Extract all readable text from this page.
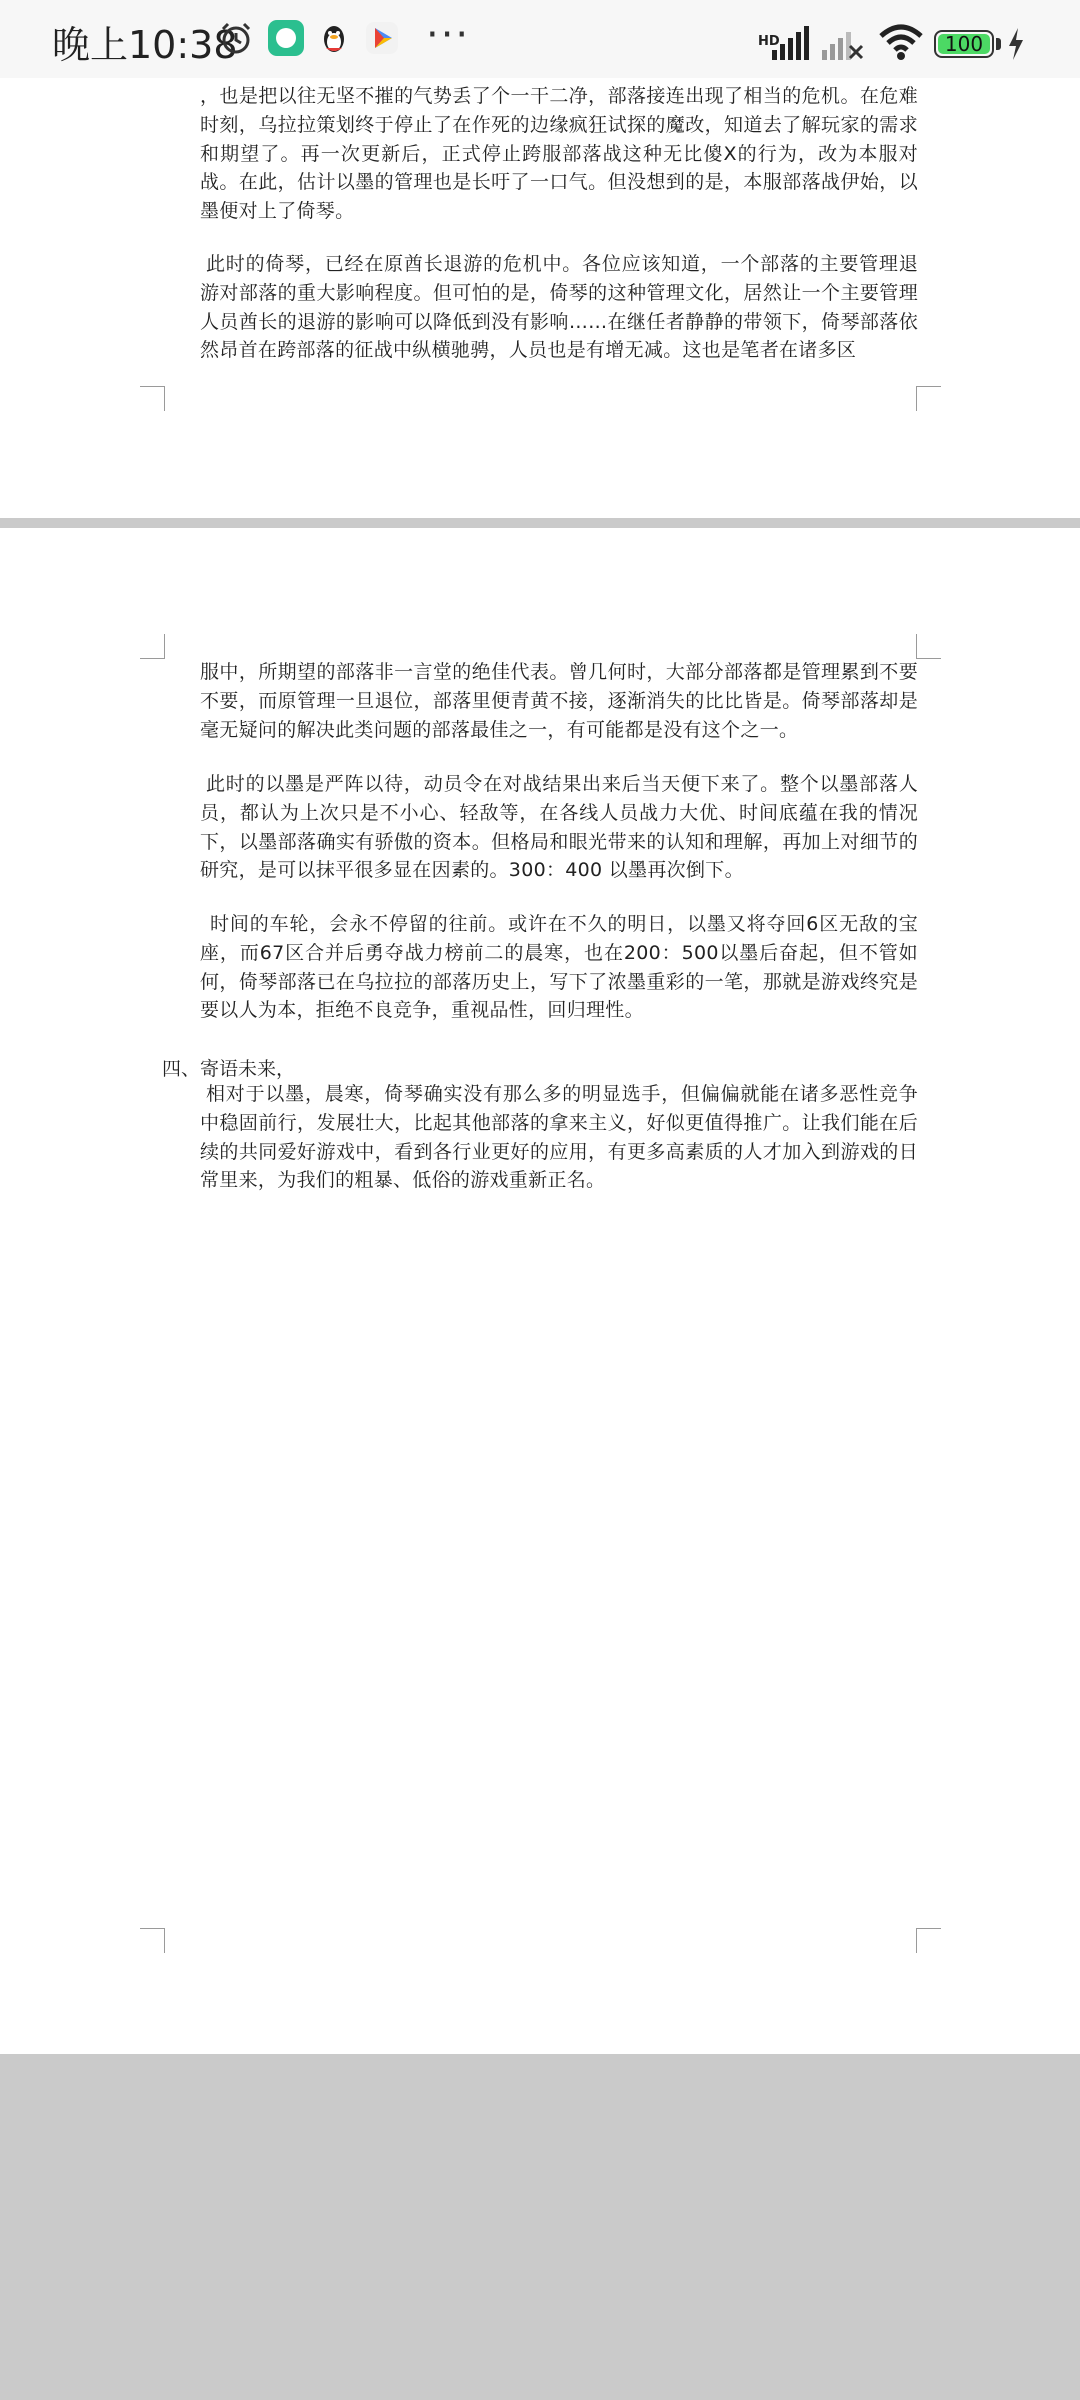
晚上10:38	···	HD	100
，也是把以往无坚不摧的气势丢了个一干二净，部落接连出现了相当的危机。在危难时刻，乌拉拉策划终于停止了在作死的边缘疯狂试探的魔改，知道去了解玩家的需求和期望了。再一次更新后，正式停止跨服部落战这种无比傻X的行为，改为本服对战。在此，估计以墨的管理也是长吁了一口气。但没想到的是，本服部落战伊始，以墨便对上了倚琴。
此时的倚琴，已经在原酋长退游的危机中。各位应该知道，一个部落的主要管理退游对部落的重大影响程度。但可怕的是，倚琴的这种管理文化，居然让一个主要管理人员酋长的退游的影响可以降低到没有影响……在继任者静静的带领下，倚琴部落依然昂首在跨部落的征战中纵横驰骋，人员也是有增无减。这也是笔者在诸多区
服中，所期望的部落非一言堂的绝佳代表。曾几何时，大部分部落都是管理累到不要不要，而原管理一旦退位，部落里便青黄不接，逐渐消失的比比皆是。倚琴部落却是毫无疑问的解决此类问题的部落最佳之一，有可能都是没有这个之一。
此时的以墨是严阵以待，动员令在对战结果出来后当天便下来了。整个以墨部落人员，都认为上次只是不小心、轻敌等，在各线人员战力大优、时间底蕴在我的情况下，以墨部落确实有骄傲的资本。但格局和眼光带来的认知和理解，再加上对细节的研究，是可以抹平很多显在因素的。300：400 以墨再次倒下。
时间的车轮，会永不停留的往前。或许在不久的明日，以墨又将夺回6区无敌的宝座，而67区合并后勇夺战力榜前二的晨寒，也在200：500以墨后奋起，但不管如何，倚琴部落已在乌拉拉的部落历史上，写下了浓墨重彩的一笔，那就是游戏终究是要以人为本，拒绝不良竞争，重视品性，回归理性。
四、寄语未来，
相对于以墨，晨寒，倚琴确实没有那么多的明显选手，但偏偏就能在诸多恶性竞争中稳固前行，发展壮大，比起其他部落的拿来主义，好似更值得推广。让我们能在后续的共同爱好游戏中，看到各行业更好的应用，有更多高素质的人才加入到游戏的日常里来，为我们的粗暴、低俗的游戏重新正名。
